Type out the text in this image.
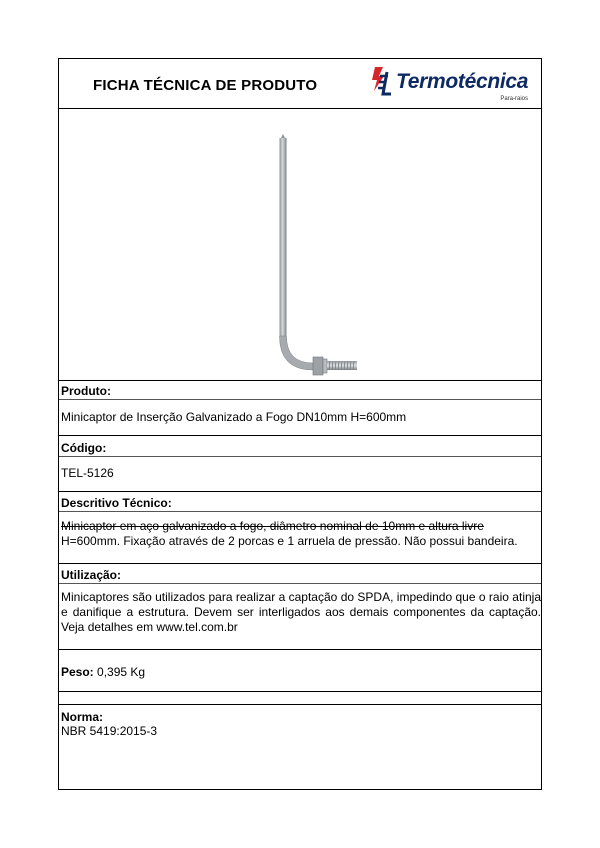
FICHA TÉCNICA DE PRODUTO	Termotécnica
Para-raios
Produto:
Minicaptor de Inserção Galvanizado a Fogo DN10mm H=600mm
Código:
TEL-5126
Descritivo Técnico:
Minicaptor em aço galvanizado a fogo, diâmetro nominal de 10mm e altura livre
H=600mm. Fixação através de 2 porcas e 1 arruela de pressão. Não possui bandeira.
Utilização:
Minicaptores são utilizados para realizar a captação do SPDA, impedindo que o raio atinja e danifique a estrutura. Devem ser interligados aos demais componentes da captação. Veja detalhes em www.tel.com.br
Peso: 0,395 Kg
Norma:
NBR 5419:2015-3
